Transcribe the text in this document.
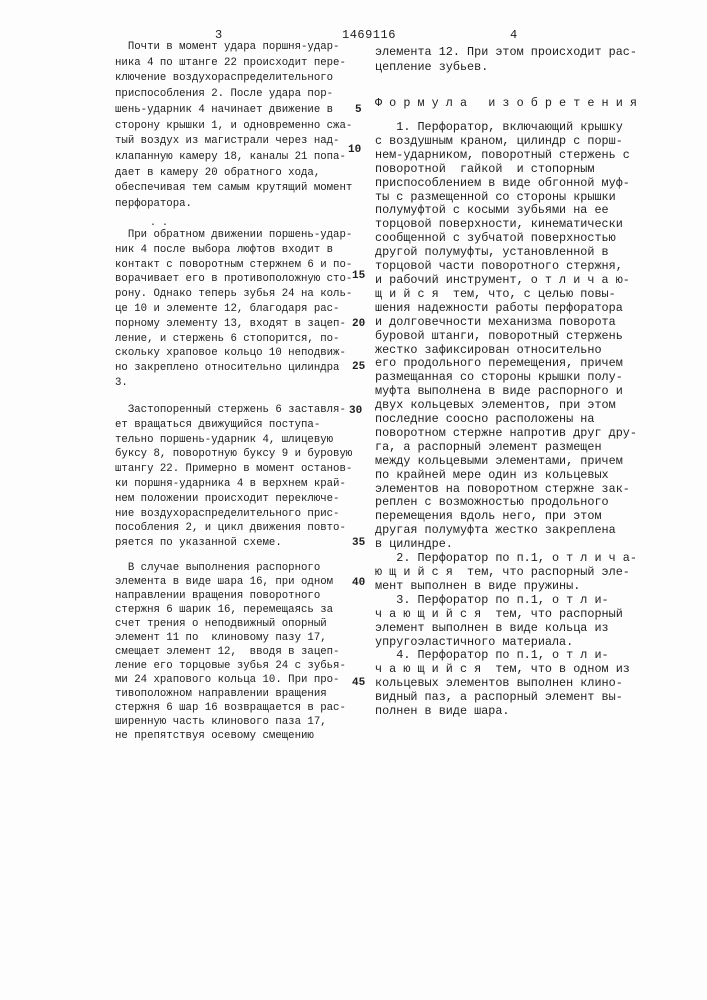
3	1469116	4
Почти в момент удара поршня-удар-
ника 4 по штанге 22 происходит пере-
ключение воздухораспределительного
приспособления 2. После удара пор-
шень-ударник 4 начинает движение в
сторону крышки 1, и одновременно сжа-
тый воздух из магистрали через над-
клапанную камеру 18, каналы 21 попа-
дает в камеру 20 обратного хода,
обеспечивая тем самым крутящий момент
перфоратора.
. .
При обратном движении поршень-удар-
ник 4 после выбора люфтов входит в
контакт с поворотным стержнем 6 и по-
ворачивает его в противоположную сто-
рону. Однако теперь зубья 24 на коль-
це 10 и элементе 12, благодаря рас-
порному элементу 13, входят в зацеп-
ление, и стержень 6 стопорится, по-
скольку храповое кольцо 10 неподвиж-
но закреплено относительно цилиндра
3.
Застопоренный стержень 6 заставля-
ет вращаться движущийся поступа-
тельно поршень-ударник 4, шлицевую
буксу 8, поворотную буксу 9 и буровую
штангу 22. Примерно в момент останов-
ки поршня-ударника 4 в верхнем край-
нем положении происходит переключе-
ние воздухораспределительного прис-
пособления 2, и цикл движения повто-
ряется по указанной схеме.
В случае выполнения распорного
элемента в виде шара 16, при одном
направлении вращения поворотного
стержня 6 шарик 16, перемещаясь за
счет трения о неподвижный опорный
элемент 11 по  клиновому пазу 17,
смещает элемент 12,  вводя в зацеп-
ление его торцовые зубья 24 с зубья-
ми 24 храпового кольца 10. При про-
тивоположном направлении вращения
стержня 6 шар 16 возвращается в рас-
ширенную часть клинового паза 17,
не препятствуя осевому смещению
элемента 12. При этом происходит рас-
цепление зубьев.
Ф о р м у л а   и з о б р е т е н и я
1. Перфоратор, включающий крышку
с воздушным краном, цилиндр с порш-
нем-ударником, поворотный стержень с
поворотной  гайкой  и стопорным
приспособлением в виде обгонной муф-
ты с размещенной со стороны крышки
полумуфтой с косыми зубьями на ее
торцовой поверхности, кинематически
сообщенной с зубчатой поверхностью
другой полумуфты, установленной в
торцовой части поворотного стержня,
и рабочий инструмент, о т л и ч а ю-
щ и й с я  тем, что, с целью повы-
шения надежности работы перфоратора
и долговечности механизма поворота
буровой штанги, поворотный стержень
жестко зафиксирован относительно
его продольного перемещения, причем
размещанная со стороны крышки полу-
муфта выполнена в виде распорного и
двух кольцевых элементов, при этом
последние соосно расположены на
поворотном стержне напротив друг дру-
га, а распорный элемент размещен
между кольцевыми элементами, причем
по крайней мере один из кольцевых
элементов на поворотном стержне зак-
реплен с возможностью продольного
перемещения вдоль него, при этом
другая полумуфта жестко закреплена
в цилиндре.
2. Перфоратор по п.1, о т л и ч а-
ю щ и й с я  тем, что распорный эле-
мент выполнен в виде пружины.
3. Перфоратор по п.1, о т л и-
ч а ю щ и й с я  тем, что распорный
элемент выполнен в виде кольца из
упругоэластичного материала.
4. Перфоратор по п.1, о т л и-
ч а ю щ и й с я  тем, что в одном из
кольцевых элементов выполнен клино-
видный паз, а распорный элемент вы-
полнен в виде шара.
5
10
15
20
25
30
35
40
45
